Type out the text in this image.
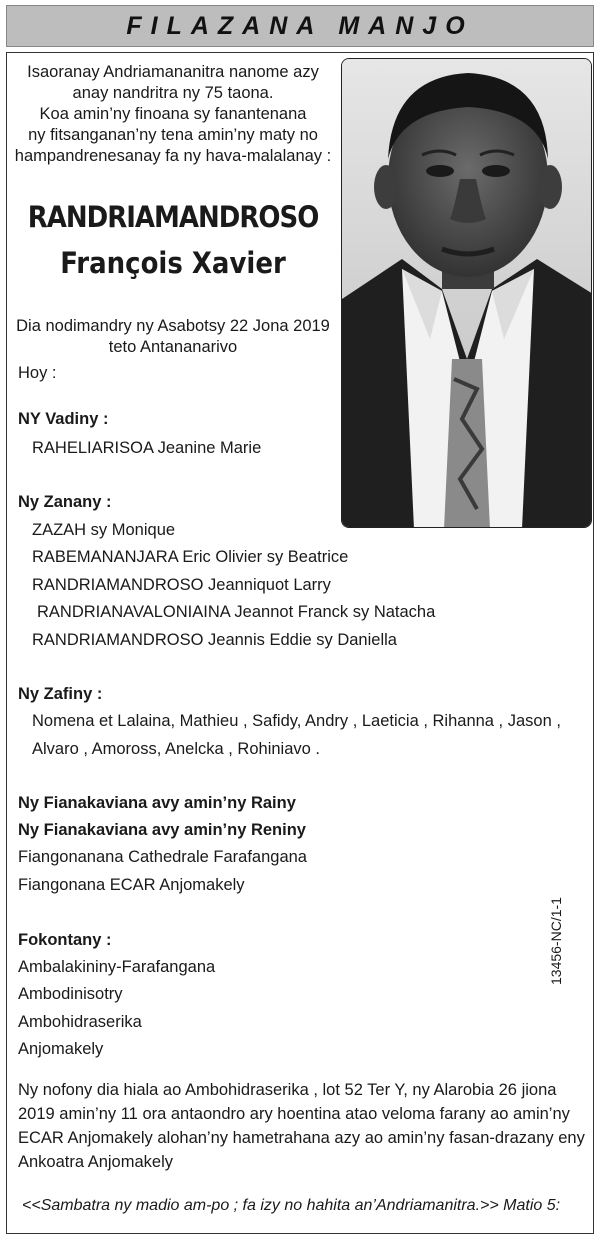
FILAZANA MANJO
Isaoranay Andriamananitra nanome azy
anay nandritra ny 75 taona.
Koa amin’ny finoana sy fanantenana
ny fitsanganan’ny tena amin’ny maty no
hampandrenesanay fa ny hava-malalanay :
RANDRIAMANDROSO
François Xavier
Dia nodimandry ny Asabotsy 22 Jona 2019
teto Antananarivo
Hoy :
NY Vadiny :
RAHELIARISOA Jeanine Marie
Ny Zanany :
ZAZAH sy Monique
RABEMANANJARA Eric Olivier sy Beatrice
RANDRIAMANDROSO Jeanniquot Larry
RANDRIANAVALONIAINA Jeannot Franck sy Natacha
RANDRIAMANDROSO Jeannis Eddie sy Daniella
Ny Zafiny :
Nomena et Lalaina, Mathieu , Safidy, Andry , Laeticia , Rihanna , Jason ,
Alvaro , Amoross, Anelcka , Rohiniavo .
Ny Fianakaviana avy amin’ny Rainy
Ny Fianakaviana avy amin’ny Reniny
Fiangonanana Cathedrale Farafangana
Fiangonana ECAR Anjomakely
Fokontany :
Ambalakininy-Farafangana
Ambodinisotry
Ambohidraserika
Anjomakely
13456-NC/1-1
Ny nofony dia hiala ao Ambohidraserika , lot 52 Ter Y, ny Alarobia 26 jiona
2019 amin’ny 11 ora antaondro ary hoentina atao veloma farany ao amin’ny
ECAR Anjomakely alohan’ny hametrahana azy ao amin’ny fasan-drazany eny
Ankoatra Anjomakely
<<Sambatra ny madio am-po ; fa izy no hahita an’Andriamanitra.>> Matio 5:
